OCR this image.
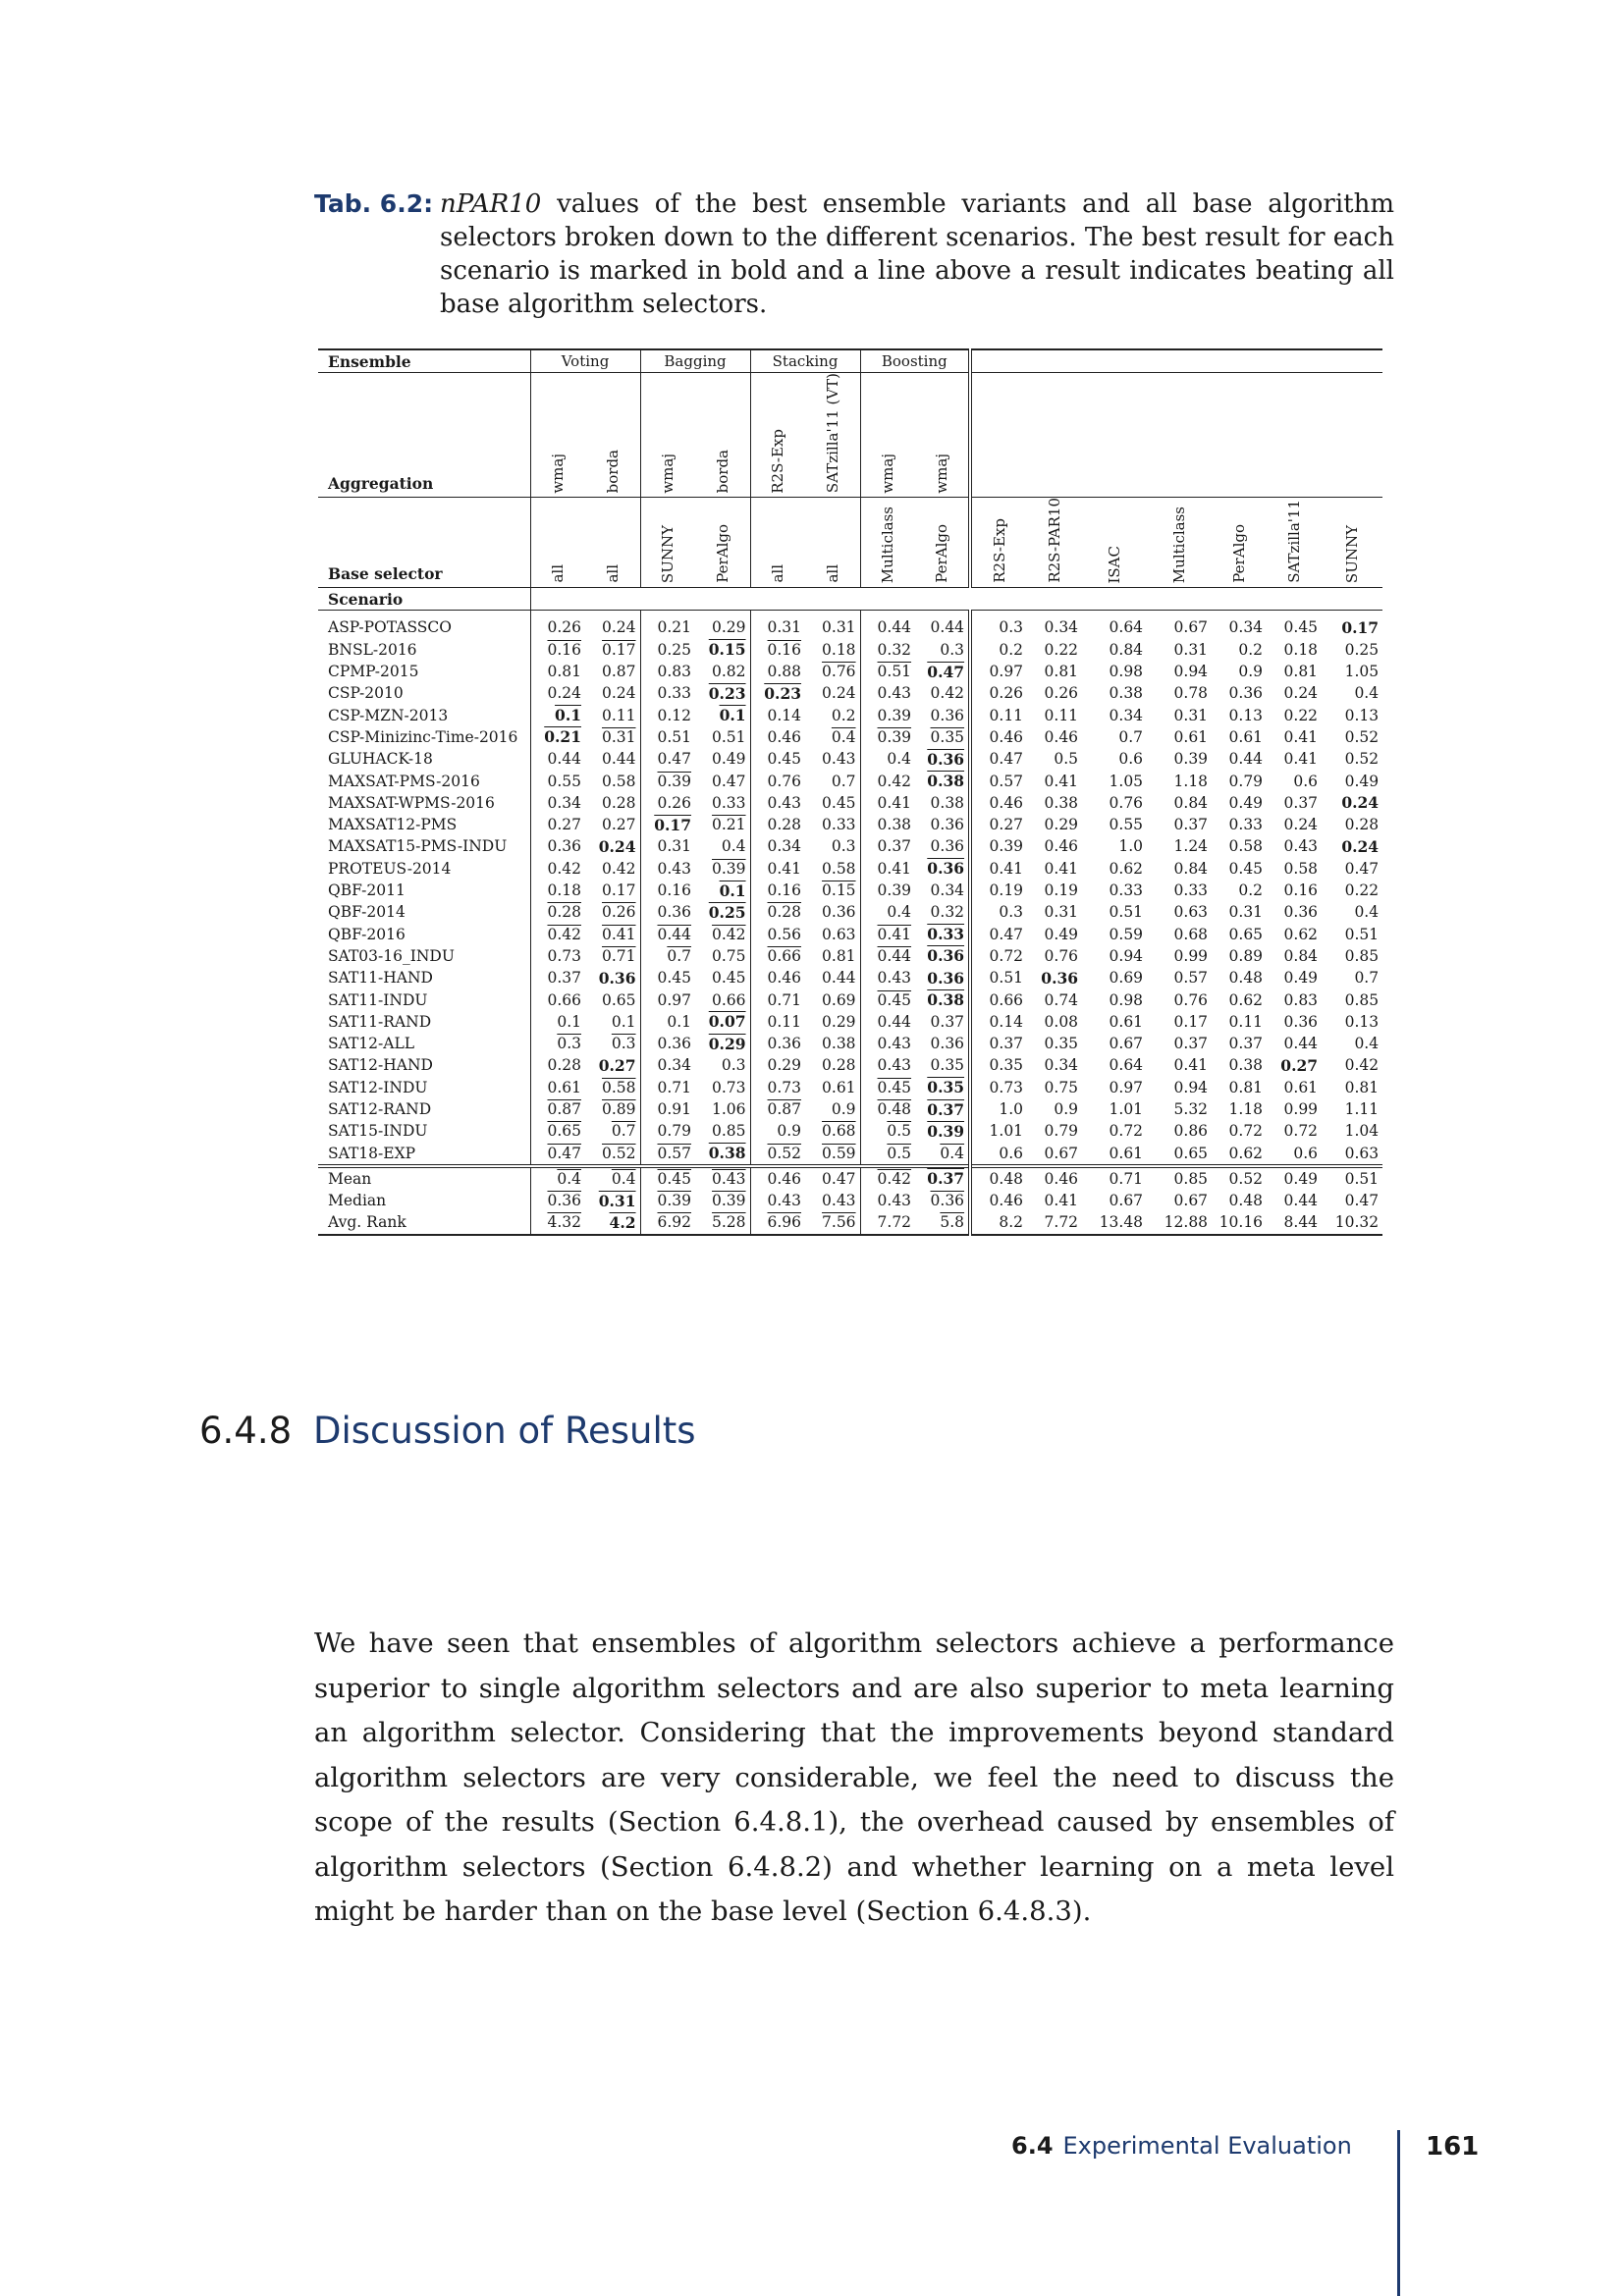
Tab. 6.2: nPAR10 values of the best ensemble variants and all base algorithm selectors broken down to the different scenarios. The best result for each scenario is marked in bold and a line above a result indicates beating all base algorithm selectors.
Ensemble	Voting		Bagging		Stacking		Boosting								
Aggregation	wmaj	borda	wmaj	borda	R2S-Exp	SATzilla'11 (VT)	wmaj	wmaj							
Base selector	all	all	SUNNY	PerAlgo	all	all	Multiclass	PerAlgo	R2S-Exp	R2S-PAR10	ISAC	Multiclass	PerAlgo	SATzilla'11	SUNNY
Scenario															
ASP-POTASSCO	0.26	0.24	0.21	0.29	0.31	0.31	0.44	0.44	0.3	0.34	0.64	0.67	0.34	0.45	0.17
BNSL-2016	0.16	0.17	0.25	0.15	0.16	0.18	0.32	0.3	0.2	0.22	0.84	0.31	0.2	0.18	0.25
CPMP-2015	0.81	0.87	0.83	0.82	0.88	0.76	0.51	0.47	0.97	0.81	0.98	0.94	0.9	0.81	1.05
CSP-2010	0.24	0.24	0.33	0.23	0.23	0.24	0.43	0.42	0.26	0.26	0.38	0.78	0.36	0.24	0.4
CSP-MZN-2013	0.1	0.11	0.12	0.1	0.14	0.2	0.39	0.36	0.11	0.11	0.34	0.31	0.13	0.22	0.13
CSP-Minizinc-Time-2016	0.21	0.31	0.51	0.51	0.46	0.4	0.39	0.35	0.46	0.46	0.7	0.61	0.61	0.41	0.52
GLUHACK-18	0.44	0.44	0.47	0.49	0.45	0.43	0.4	0.36	0.47	0.5	0.6	0.39	0.44	0.41	0.52
MAXSAT-PMS-2016	0.55	0.58	0.39	0.47	0.76	0.7	0.42	0.38	0.57	0.41	1.05	1.18	0.79	0.6	0.49
MAXSAT-WPMS-2016	0.34	0.28	0.26	0.33	0.43	0.45	0.41	0.38	0.46	0.38	0.76	0.84	0.49	0.37	0.24
MAXSAT12-PMS	0.27	0.27	0.17	0.21	0.28	0.33	0.38	0.36	0.27	0.29	0.55	0.37	0.33	0.24	0.28
MAXSAT15-PMS-INDU	0.36	0.24	0.31	0.4	0.34	0.3	0.37	0.36	0.39	0.46	1.0	1.24	0.58	0.43	0.24
PROTEUS-2014	0.42	0.42	0.43	0.39	0.41	0.58	0.41	0.36	0.41	0.41	0.62	0.84	0.45	0.58	0.47
QBF-2011	0.18	0.17	0.16	0.1	0.16	0.15	0.39	0.34	0.19	0.19	0.33	0.33	0.2	0.16	0.22
QBF-2014	0.28	0.26	0.36	0.25	0.28	0.36	0.4	0.32	0.3	0.31	0.51	0.63	0.31	0.36	0.4
QBF-2016	0.42	0.41	0.44	0.42	0.56	0.63	0.41	0.33	0.47	0.49	0.59	0.68	0.65	0.62	0.51
SAT03-16_INDU	0.73	0.71	0.7	0.75	0.66	0.81	0.44	0.36	0.72	0.76	0.94	0.99	0.89	0.84	0.85
SAT11-HAND	0.37	0.36	0.45	0.45	0.46	0.44	0.43	0.36	0.51	0.36	0.69	0.57	0.48	0.49	0.7
SAT11-INDU	0.66	0.65	0.97	0.66	0.71	0.69	0.45	0.38	0.66	0.74	0.98	0.76	0.62	0.83	0.85
SAT11-RAND	0.1	0.1	0.1	0.07	0.11	0.29	0.44	0.37	0.14	0.08	0.61	0.17	0.11	0.36	0.13
SAT12-ALL	0.3	0.3	0.36	0.29	0.36	0.38	0.43	0.36	0.37	0.35	0.67	0.37	0.37	0.44	0.4
SAT12-HAND	0.28	0.27	0.34	0.3	0.29	0.28	0.43	0.35	0.35	0.34	0.64	0.41	0.38	0.27	0.42
SAT12-INDU	0.61	0.58	0.71	0.73	0.73	0.61	0.45	0.35	0.73	0.75	0.97	0.94	0.81	0.61	0.81
SAT12-RAND	0.87	0.89	0.91	1.06	0.87	0.9	0.48	0.37	1.0	0.9	1.01	5.32	1.18	0.99	1.11
SAT15-INDU	0.65	0.7	0.79	0.85	0.9	0.68	0.5	0.39	1.01	0.79	0.72	0.86	0.72	0.72	1.04
SAT18-EXP	0.47	0.52	0.57	0.38	0.52	0.59	0.5	0.4	0.6	0.67	0.61	0.65	0.62	0.6	0.63
Mean	0.4	0.4	0.45	0.43	0.46	0.47	0.42	0.37	0.48	0.46	0.71	0.85	0.52	0.49	0.51
Median	0.36	0.31	0.39	0.39	0.43	0.43	0.43	0.36	0.46	0.41	0.67	0.67	0.48	0.44	0.47
Avg. Rank	4.32	4.2	6.92	5.28	6.96	7.56	7.72	5.8	8.2	7.72	13.48	12.88	10.16	8.44	10.32
6.4.8 Discussion of Results
We have seen that ensembles of algorithm selectors achieve a performance superior to single algorithm selectors and are also superior to meta learning an algorithm selector. Considering that the improvements beyond standard algorithm selectors are very considerable, we feel the need to discuss the scope of the results (Section 6.4.8.1), the overhead caused by ensembles of algorithm selectors (Section 6.4.8.2) and whether learning on a meta level might be harder than on the base level (Section 6.4.8.3).
6.4 Experimental Evaluation	161
